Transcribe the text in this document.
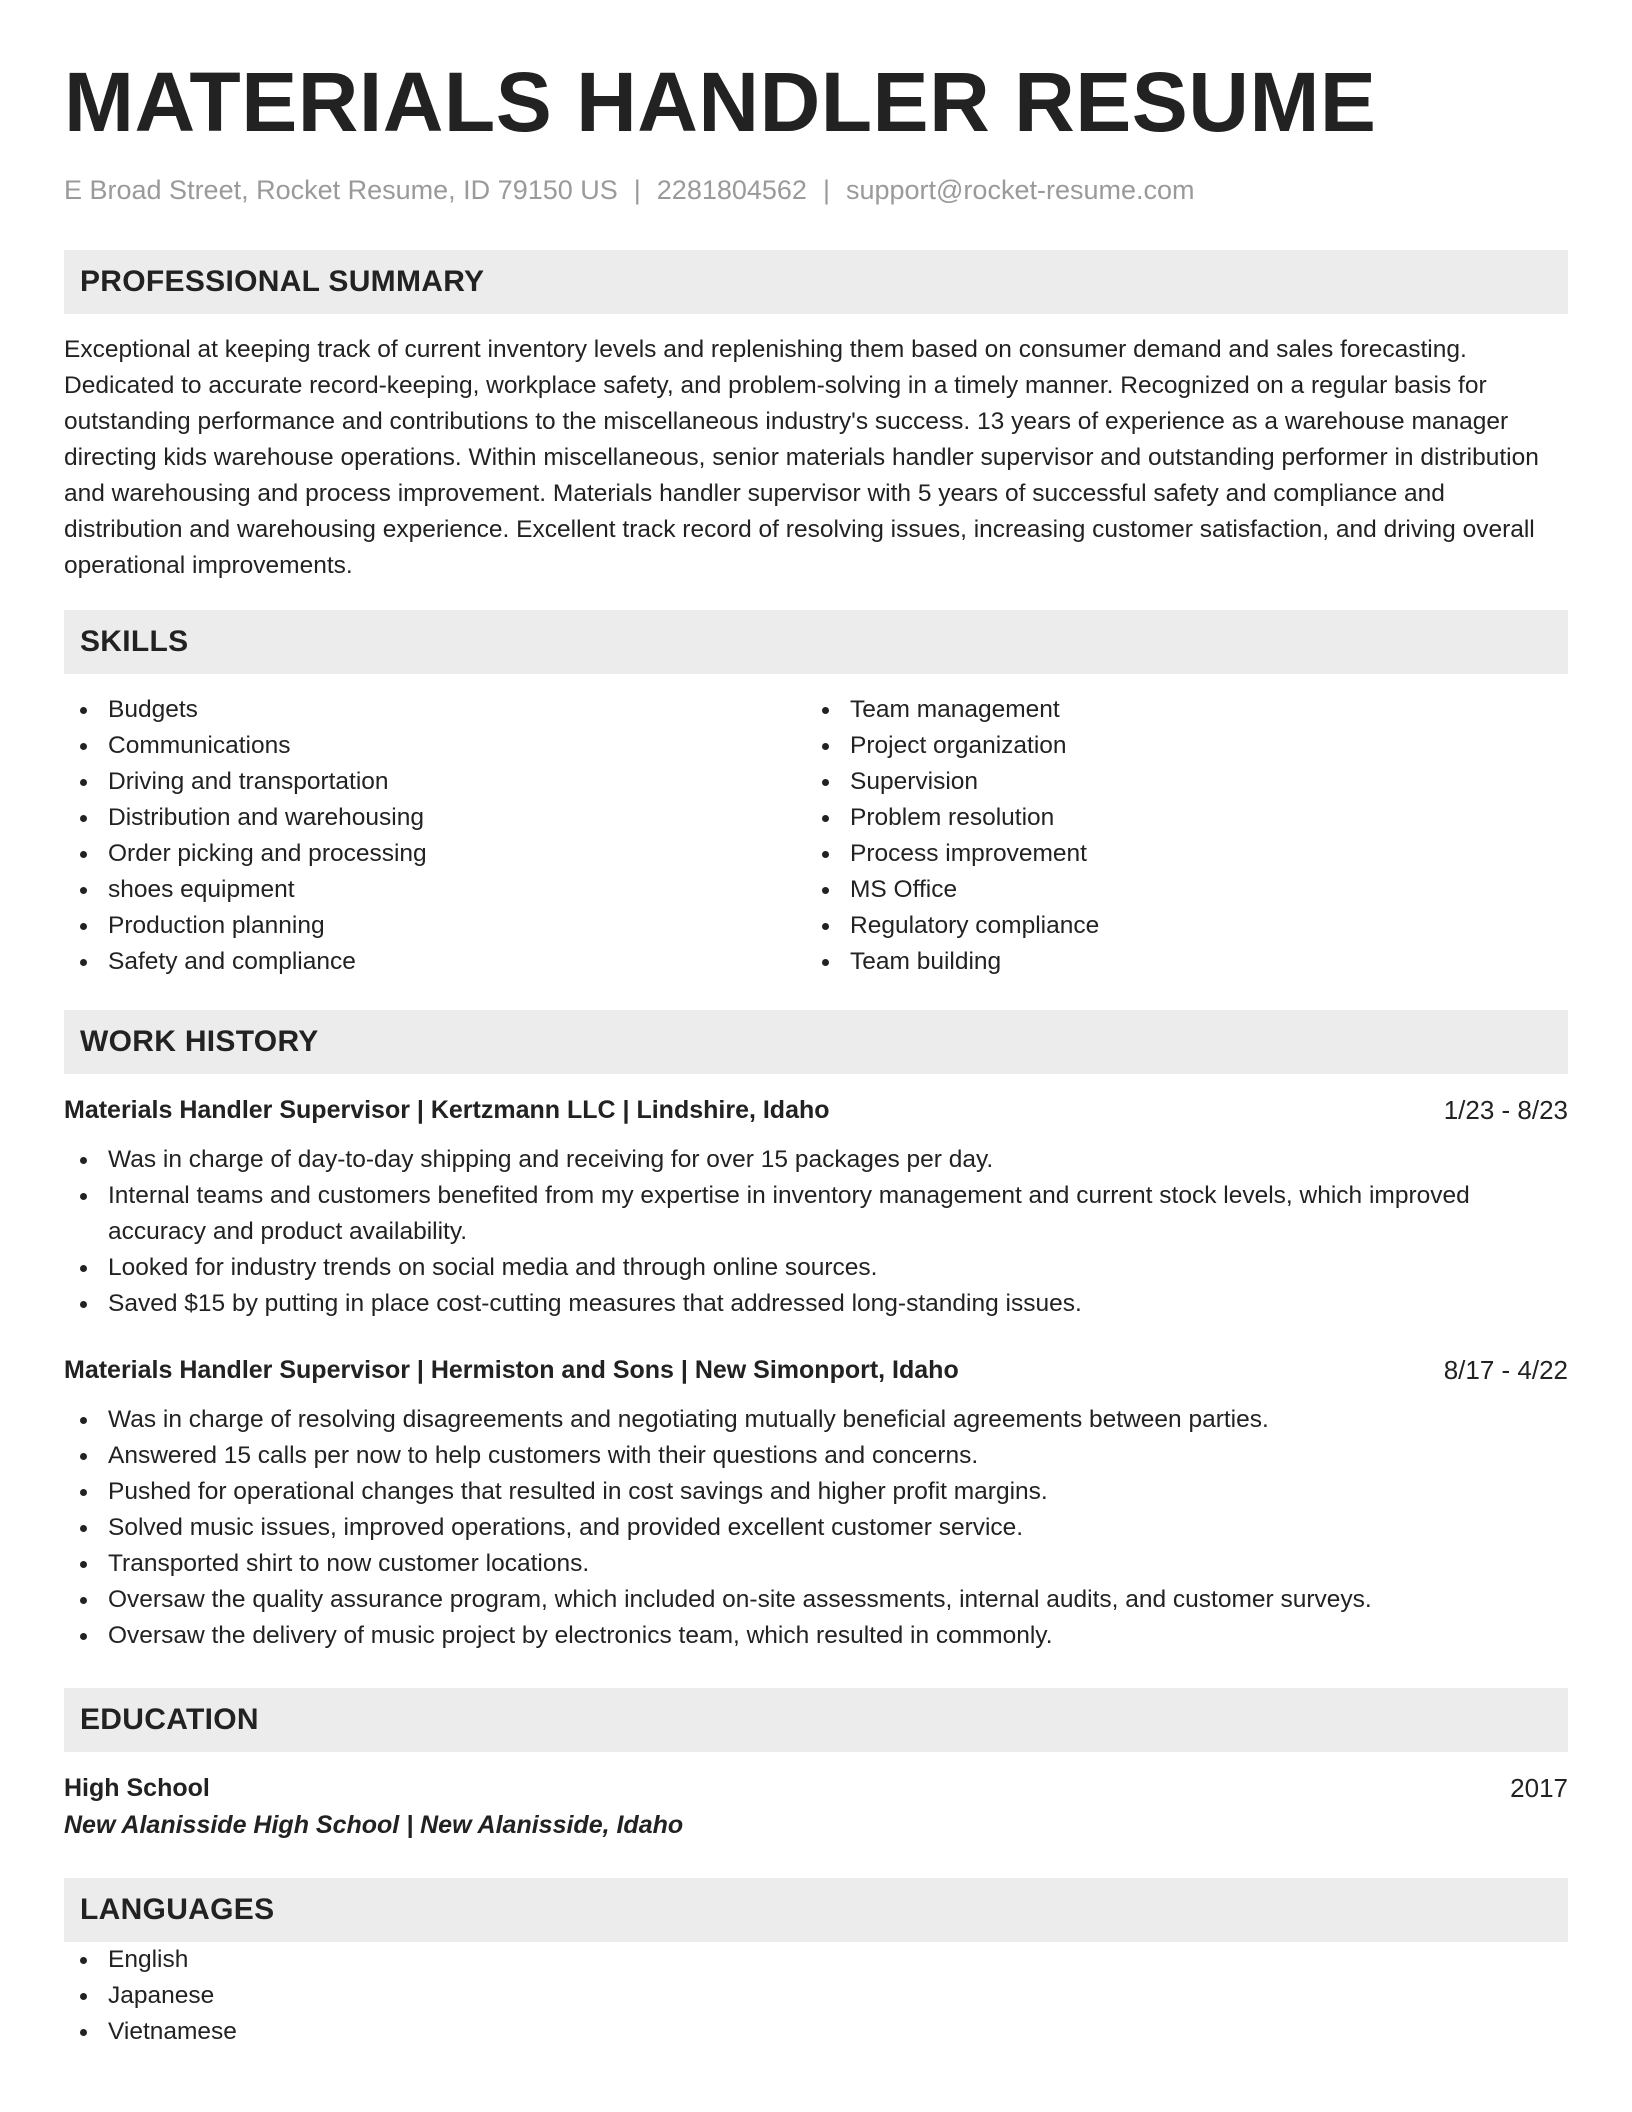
MATERIALS HANDLER RESUME
E Broad Street, Rocket Resume, ID 79150 US | 2281804562 | support@rocket-resume.com
PROFESSIONAL SUMMARY
Exceptional at keeping track of current inventory levels and replenishing them based on consumer demand and sales forecasting. Dedicated to accurate record-keeping, workplace safety, and problem-solving in a timely manner. Recognized on a regular basis for outstanding performance and contributions to the miscellaneous industry's success. 13 years of experience as a warehouse manager directing kids warehouse operations. Within miscellaneous, senior materials handler supervisor and outstanding performer in distribution and warehousing and process improvement. Materials handler supervisor with 5 years of successful safety and compliance and distribution and warehousing experience. Excellent track record of resolving issues, increasing customer satisfaction, and driving overall operational improvements.
SKILLS
Budgets
Communications
Driving and transportation
Distribution and warehousing
Order picking and processing
shoes equipment
Production planning
Safety and compliance
Team management
Project organization
Supervision
Problem resolution
Process improvement
MS Office
Regulatory compliance
Team building
WORK HISTORY
Materials Handler Supervisor | Kertzmann LLC | Lindshire, Idaho	1/23 - 8/23
Was in charge of day-to-day shipping and receiving for over 15 packages per day.
Internal teams and customers benefited from my expertise in inventory management and current stock levels, which improved accuracy and product availability.
Looked for industry trends on social media and through online sources.
Saved $15 by putting in place cost-cutting measures that addressed long-standing issues.
Materials Handler Supervisor | Hermiston and Sons | New Simonport, Idaho	8/17 - 4/22
Was in charge of resolving disagreements and negotiating mutually beneficial agreements between parties.
Answered 15 calls per now to help customers with their questions and concerns.
Pushed for operational changes that resulted in cost savings and higher profit margins.
Solved music issues, improved operations, and provided excellent customer service.
Transported shirt to now customer locations.
Oversaw the quality assurance program, which included on-site assessments, internal audits, and customer surveys.
Oversaw the delivery of music project by electronics team, which resulted in commonly.
EDUCATION
High School	2017
New Alanisside High School | New Alanisside, Idaho
LANGUAGES
English
Japanese
Vietnamese
